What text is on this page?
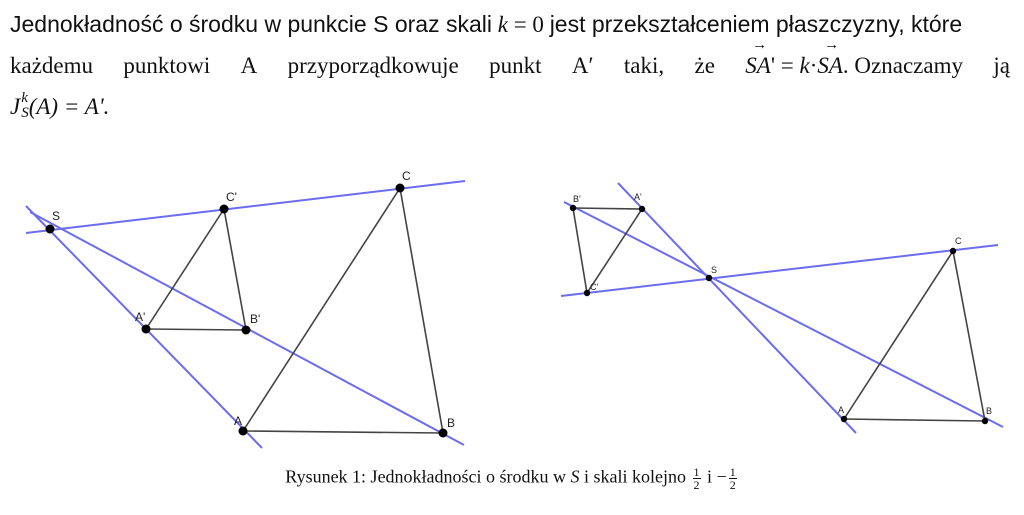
Jednokładność o środku w punkcie S oraz skali k = 0 jest przekształceniem płaszczyzny, które
każdemu punktowi A przyporządkowuje punkt A′ taki, że
→ SA' = k·→ SA. Oznaczamy ją
J k
S (A) = A'.
S
C'
C
A'	B'
A	B
B'	A'
C'
S
C
A	B
Rysunek 1: Jednokładności o środku w S i skali kolejno $\frac{1}{2}$ $i - \frac{1}{2}$
